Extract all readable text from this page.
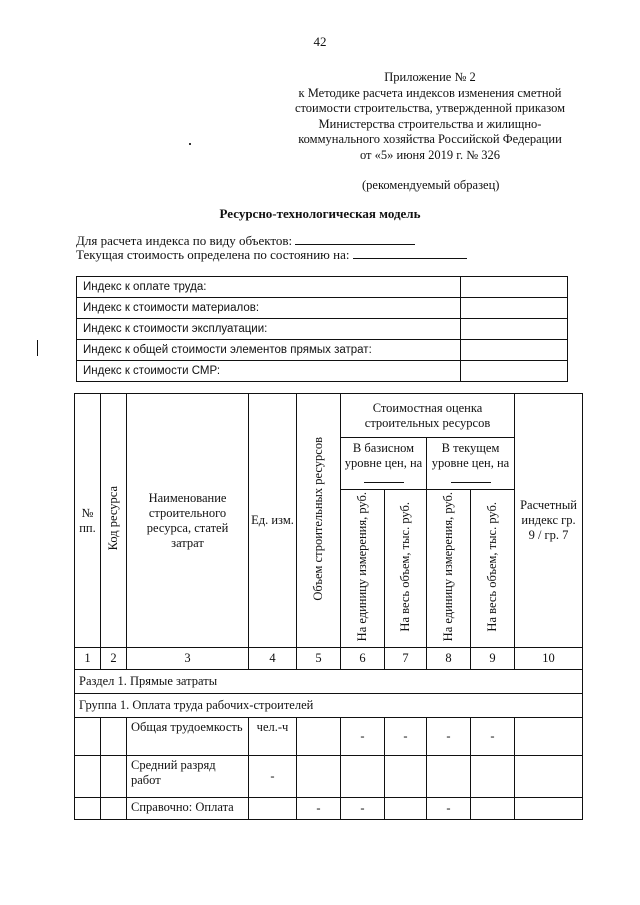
42
Приложение № 2
к Методике расчета индексов изменения сметной
стоимости строительства, утвержденной приказом
Министерства строительства и жилищно-
коммунального хозяйства Российской Федерации
от «5» июня 2019 г. № 326
(рекомендуемый образец)
Ресурсно-технологическая модель
Для расчета индекса по виду объектов:
Текущая стоимость определена по состоянию на:
Индекс к оплате труда:	
Индекс к стоимости материалов:	
Индекс к стоимости эксплуатации:	
Индекс к общей стоимости элементов прямых затрат:	
Индекс к стоимости СМР:	
№ пп.	Код ресурса	Наименование строительного ресурса, статей затрат	Ед. изм.	Объем строительных ресурсов	Стоимостная оценка строительных ресурсов				Расчетный индекс гр. 9 / гр. 7
					В базисном уровне цен, на		В текущем уровне цен, на		
					На единицу измерения, руб.	На весь объем, тыс. руб.	На единицу измерения, руб.	На весь объем, тыс. руб.	
1	2	3	4	5	6	7	8	9	10
Раздел 1. Прямые затраты									
Группа 1. Оплата труда рабочих-строителей									
		Общая трудоемкость	чел.-ч		-	-	-	-	
		Средний разряд работ	-						
		Справочно: Оплата		-	-		-		
